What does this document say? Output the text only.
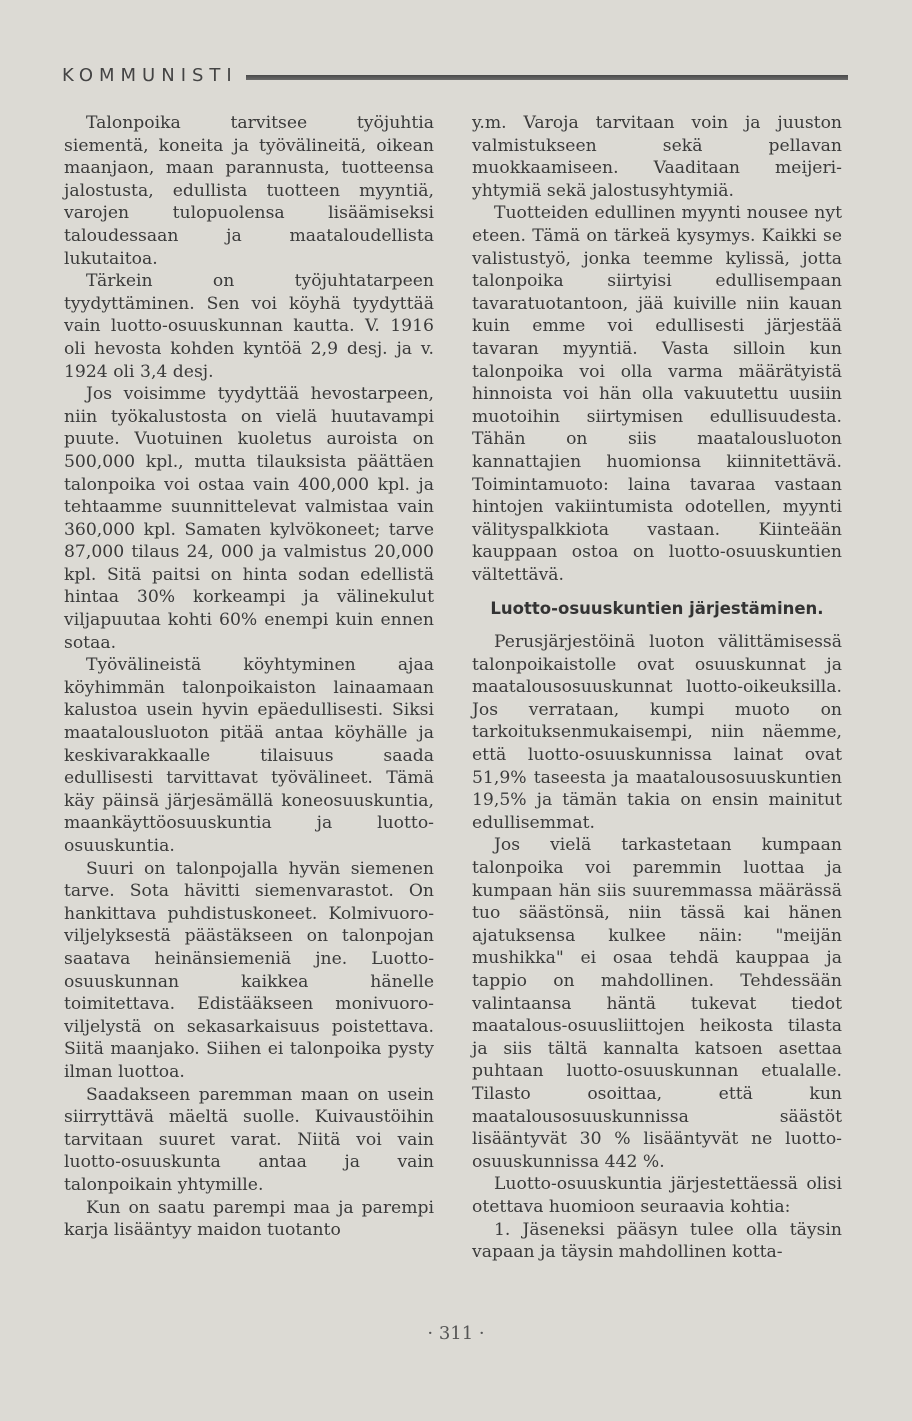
KOMMUNISTI

Talonpoika tarvitsee työjuhtia siementä, koneita ja työvälineitä, oikean maanjaon, maan parannusta, tuotteensa jalostusta, edullista tuotteen myyntiä, varojen tulopuolensa lisäämiseksi taloudessaan ja maataloudellista lukutaitoa.

Tärkein on työjuhtatarpeen tyydyttäminen. Sen voi köyhä tyydyttää vain luotto-osuuskunnan kautta. V. 1916 oli hevosta kohden kyntöä 2,9 desj. ja v. 1924 oli 3,4 desj.

Jos voisimme tyydyttää hevostarpeen, niin työkalustosta on vielä huutavampi puute. Vuotuinen kuoletus auroista on 500,000 kpl., mutta tilauksista päättäen talonpoika voi ostaa vain 400,000 kpl. ja tehtaamme suunnittelevat valmistaa vain 360,000 kpl. Samaten kylvökoneet; tarve 87,000 tilaus 24, 000 ja valmistus 20,000 kpl. Sitä paitsi on hinta sodan edellistä hintaa 30% korkeampi ja välinekulut viljapuutaa kohti 60% enempi kuin ennen sotaa.

Työvälineistä köyhtyminen ajaa köyhimmän talonpoikaiston lainaamaan kalustoa usein hyvin epäedullisesti. Siksi maatalousluoton pitää antaa köyhälle ja keskivarakkaalle tilaisuus saada edullisesti tarvittavat työvälineet. Tämä käy päinsä järjesämällä koneosuuskuntia, maankäyttöosuuskuntia ja luotto-osuuskuntia.

Suuri on talonpojalla hyvän siemenen tarve. Sota hävitti siemenvarastot. On hankittava puhdistuskoneet. Kolmivuoro-viljelyksestä päästäkseen on talonpojan saatava heinänsiemeniä jne. Luotto-osuuskunnan kaikkea hänelle toimitettava. Edistääkseen monivuoro-viljelystä on sekasarkaisuus poistettava. Siitä maanjako. Siihen ei talonpoika pysty ilman luottoa.

Saadakseen paremman maan on usein siirryttävä mäeltä suolle. Kuivaustöihin tarvitaan suuret varat. Niitä voi vain luotto-osuuskunta antaa ja vain talonpoikain yhtymille.

Kun on saatu parempi maa ja parempi karja lisääntyy maidon tuotanto

y.m. Varoja tarvitaan voin ja juuston valmistukseen sekä pellavan muokkaamiseen. Vaaditaan meijeri-yhtymiä sekä jalostusyhtymiä.

Tuotteiden edullinen myynti nousee nyt eteen. Tämä on tärkeä kysymys. Kaikki se valistustyö, jonka teemme kylissä, jotta talonpoika siirtyisi edullisempaan tavaratuotantoon, jää kuiville niin kauan kuin emme voi edullisesti järjestää tavaran myyntiä. Vasta silloin kun talonpoika voi olla varma määrätyistä hinnoista voi hän olla vakuutettu uusiin muotoihin siirtymisen edullisuudesta. Tähän on siis maatalousluoton kannattajien huomionsa kiinnitettävä. Toimintamuoto: laina tavaraa vastaan hintojen vakiintumista odotellen, myynti välityspalkkiota vastaan. Kiinteään kauppaan ostoa on luotto-osuuskuntien vältettävä.

Luotto-osuuskuntien järjestäminen.

Perusjärjestöinä luoton välittämisessä talonpoikaistolle ovat osuuskunnat ja maatalousosuuskunnat luotto-oikeuksilla. Jos verrataan, kumpi muoto on tarkoituksenmukaisempi, niin näemme, että luotto-osuuskunnissa lainat ovat 51,9% taseesta ja maatalousosuuskuntien 19,5% ja tämän takia on ensin mainitut edullisemmat.

Jos vielä tarkastetaan kumpaan talonpoika voi paremmin luottaa ja kumpaan hän siis suuremmassa määrässä tuo säästönsä, niin tässä kai hänen ajatuksensa kulkee näin: "meijän mushikka" ei osaa tehdä kauppaa ja tappio on mahdollinen. Tehdessään valintaansa häntä tukevat tiedot maatalous-osuusliittojen heikosta tilasta ja siis tältä kannalta katsoen asettaa puhtaan luotto-osuuskunnan etualalle. Tilasto osoittaa, että kun maatalousosuuskunnissa säästöt lisääntyvät 30 % lisääntyvät ne luotto-osuuskunnissa 442 %.

Luotto-osuuskuntia järjestettäessä olisi otettava huomioon seuraavia kohtia:

1. Jäseneksi pääsyn tulee olla täysin vapaan ja täysin mahdollinen kotta-

· 311 ·
